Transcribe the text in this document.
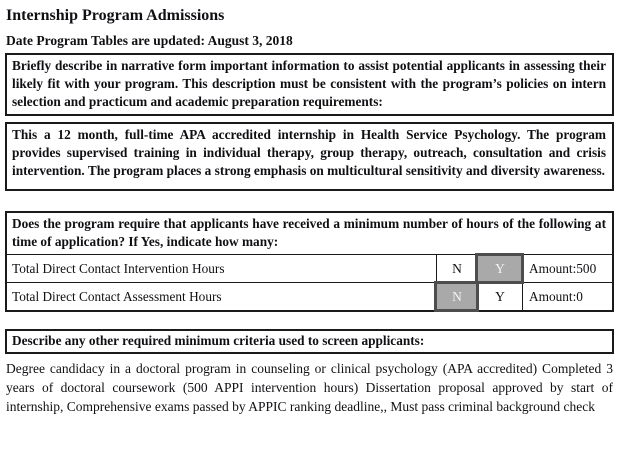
Internship Program Admissions
Date Program Tables are updated: August 3, 2018
Briefly describe in narrative form important information to assist potential applicants in assessing their likely fit with your program. This description must be consistent with the program’s policies on intern selection and practicum and academic preparation requirements:
This a 12 month, full-time APA accredited internship in Health Service Psychology. The program provides supervised training in individual therapy, group therapy, outreach, consultation and crisis intervention. The program places a strong emphasis on multicultural sensitivity and diversity awareness.
Does the program require that applicants have received a minimum number of hours of the following at time of application? If Yes, indicate how many:
Total Direct Contact Intervention Hours	N	Y	Amount:500
Total Direct Contact Assessment Hours	N	Y	Amount:0
Describe any other required minimum criteria used to screen applicants:
Degree candidacy in a doctoral program in counseling or clinical psychology (APA accredited) Completed 3 years of doctoral coursework (500 APPI intervention hours) Dissertation proposal approved by start of internship, Comprehensive exams passed by APPIC ranking deadline,, Must pass criminal background check
